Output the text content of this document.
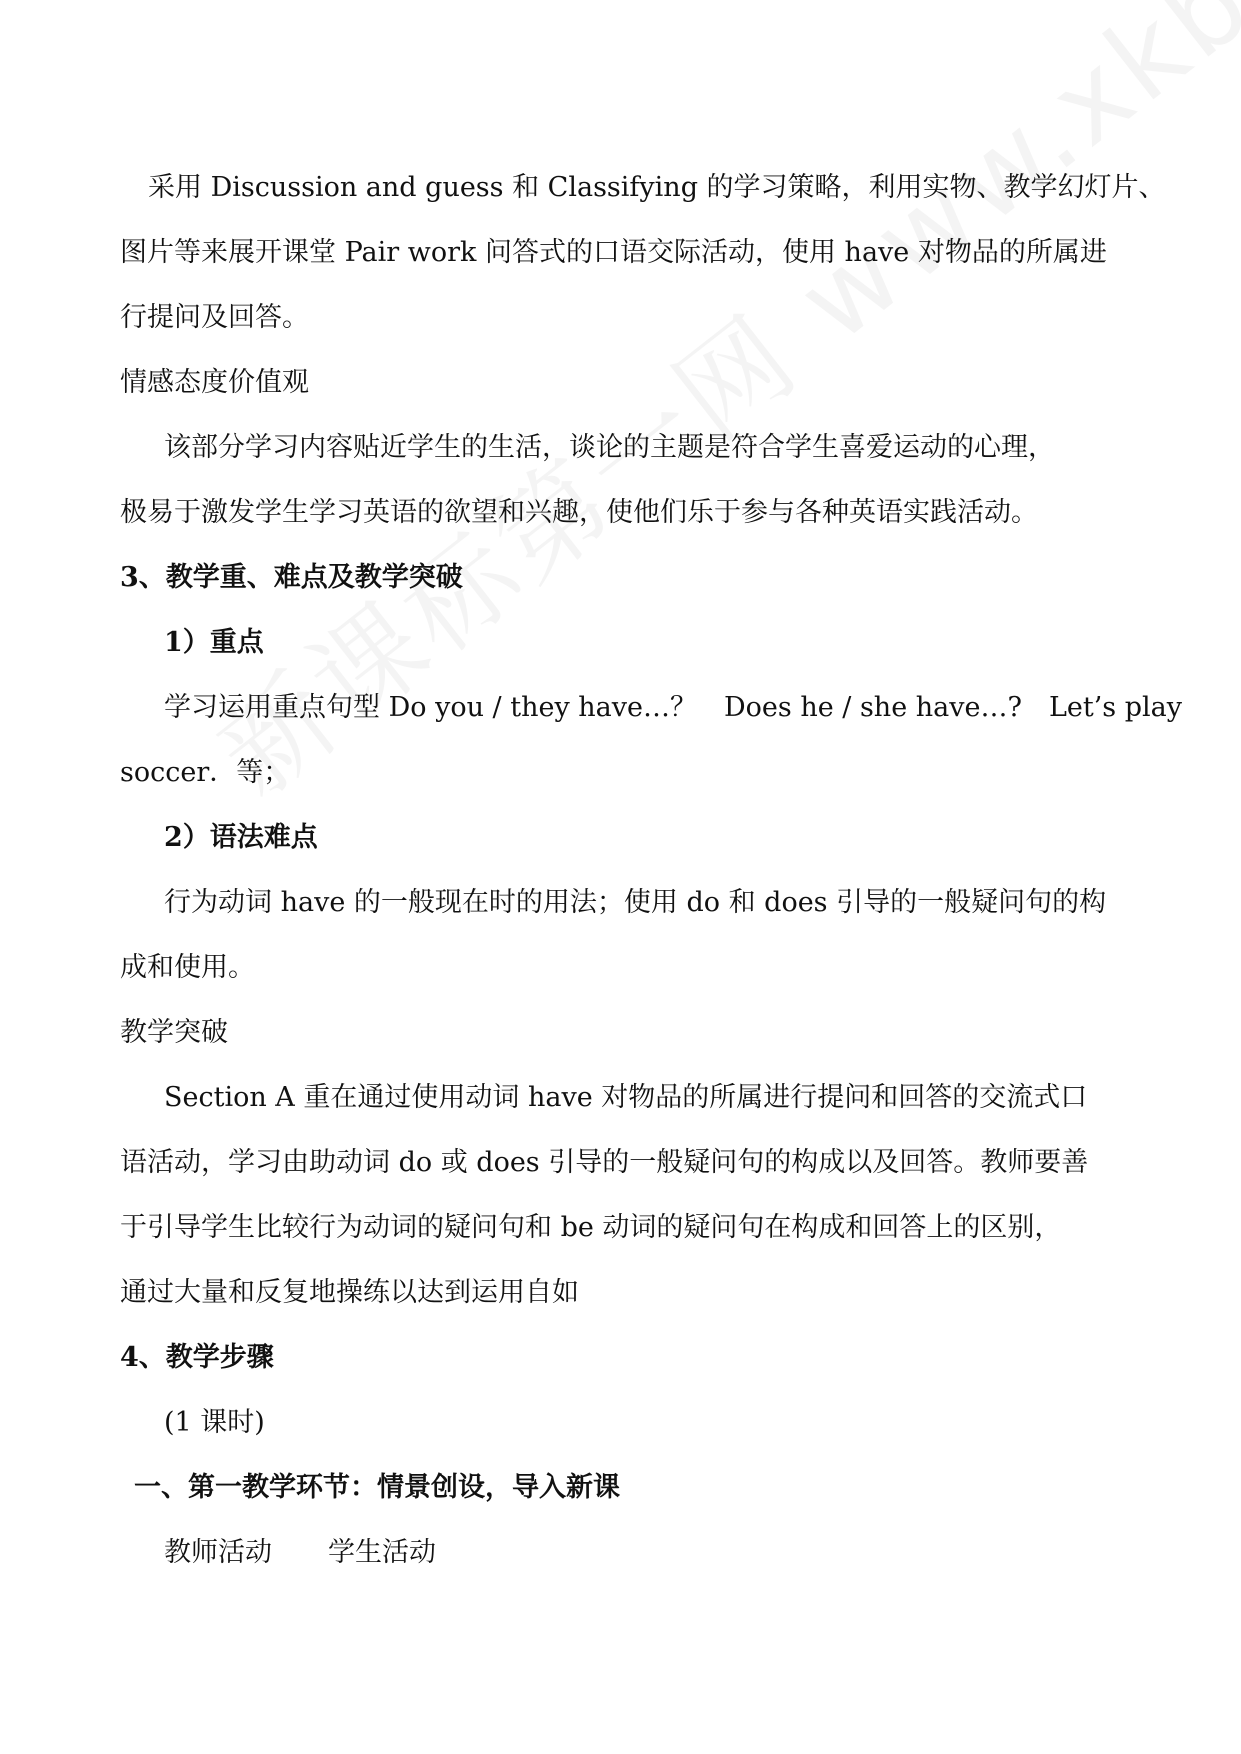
采用 Discussion and guess 和 Classifying 的学习策略，利用实物、教学幻灯片、
图片等来展开课堂 Pair work 问答式的口语交际活动，使用 have 对物品的所属进
行提问及回答。
情感态度价值观
该部分学习内容贴近学生的生活，谈论的主题是符合学生喜爱运动的心理，
极易于激发学生学习英语的欲望和兴趣，使他们乐于参与各种英语实践活动。
3、教学重、难点及教学突破
1）重点
学习运用重点句型 Do you / they have…？　Does he / she have…?　Let’s play
soccer．等；
2）语法难点
行为动词 have 的一般现在时的用法；使用 do 和 does 引导的一般疑问句的构
成和使用。
教学突破
Section A 重在通过使用动词 have 对物品的所属进行提问和回答的交流式口
语活动，学习由助动词 do 或 does 引导的一般疑问句的构成以及回答。教师要善
于引导学生比较行为动词的疑问句和 be 动词的疑问句在构成和回答上的区别，
通过大量和反复地操练以达到运用自如
4、教学步骤
(1 课时)
一、第一教学环节：情景创设，导入新课
教师活动 学生活动
